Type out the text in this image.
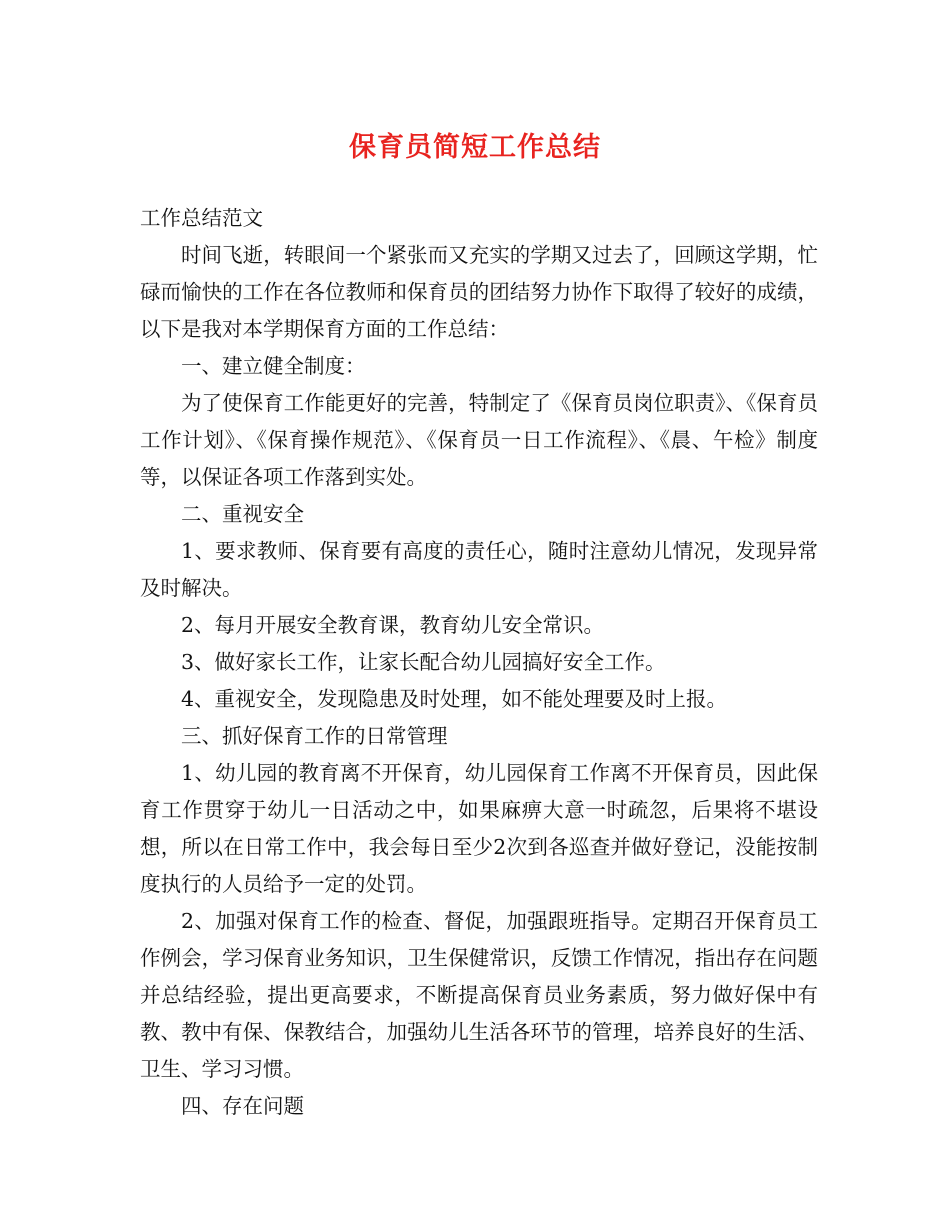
保育员简短工作总结

工作总结范文

时间飞逝，转眼间一个紧张而又充实的学期又过去了，回顾这学期，忙碌而愉快的工作在各位教师和保育员的团结努力协作下取得了较好的成绩，以下是我对本学期保育方面的工作总结：

一、建立健全制度：

为了使保育工作能更好的完善，特制定了《保育员岗位职责》、《保育员工作计划》、《保育操作规范》、《保育员一日工作流程》、《晨、午检》制度等，以保证各项工作落到实处。

二、重视安全

1、要求教师、保育要有高度的责任心，随时注意幼儿情况，发现异常及时解决。

2、每月开展安全教育课，教育幼儿安全常识。

3、做好家长工作，让家长配合幼儿园搞好安全工作。

4、重视安全，发现隐患及时处理，如不能处理要及时上报。

三、抓好保育工作的日常管理

1、幼儿园的教育离不开保育，幼儿园保育工作离不开保育员，因此保育工作贯穿于幼儿一日活动之中，如果麻痹大意一时疏忽，后果将不堪设想，所以在日常工作中，我会每日至少2次到各巡查并做好登记，没能按制度执行的人员给予一定的处罚。

2、加强对保育工作的检查、督促，加强跟班指导。定期召开保育员工作例会，学习保育业务知识，卫生保健常识，反馈工作情况，指出存在问题并总结经验，提出更高要求，不断提高保育员业务素质，努力做好保中有教、教中有保、保教结合，加强幼儿生活各环节的管理，培养良好的生活、卫生、学习习惯。

四、存在问题
